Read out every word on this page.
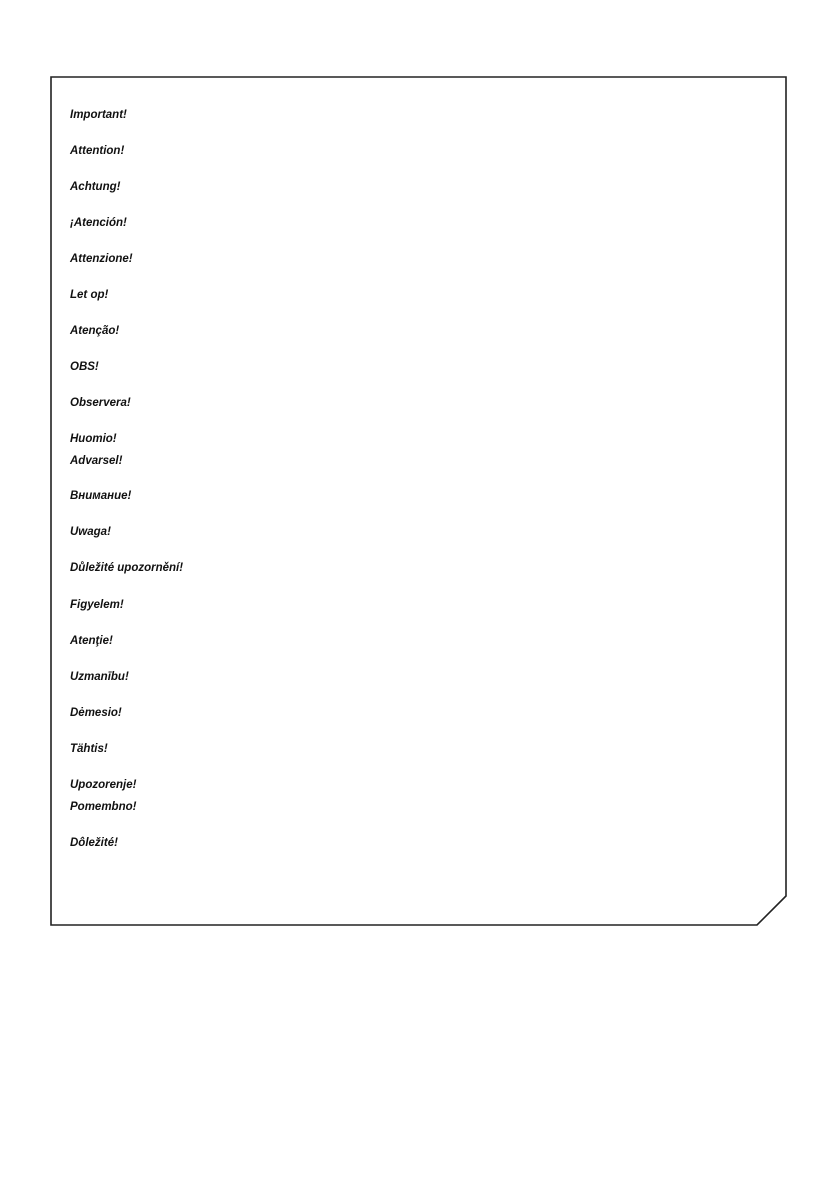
Important!
Attention!
Achtung!
¡Atención!
Attenzione!
Let op!
Atenção!
OBS!
Observera!
Huomio!
Advarsel!
Внимание!
Uwaga!
Důležité upozornění!
Figyelem!
Atenţie!
Uzmanību!
Dėmesio!
Tähtis!
Upozorenje!
Pomembno!
Dôležité!
